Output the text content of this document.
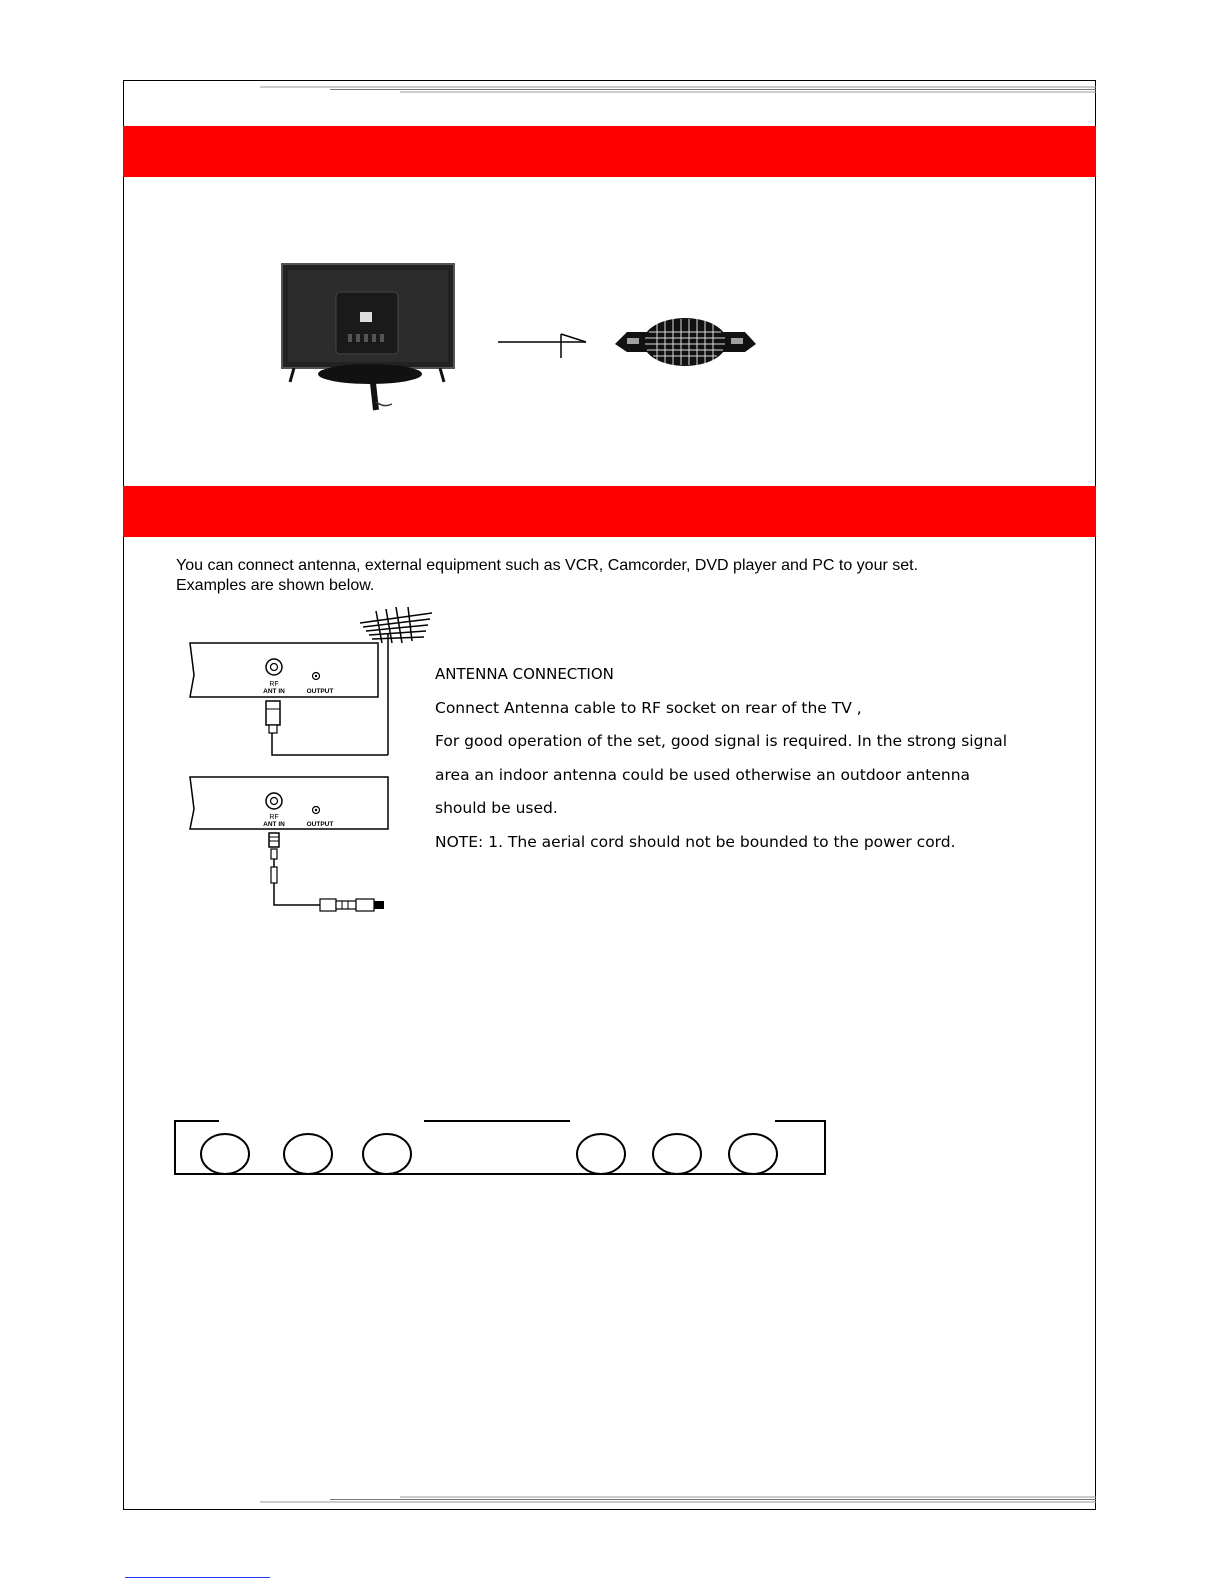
You can connect antenna, external equipment such as VCR, Camcorder, DVD player and PC to your set.
Examples are shown below.
RF
ANT IN	OUTPUT
RF
ANT IN	OUTPUT
ANTENNA CONNECTION
Connect Antenna cable to RF socket on rear of the TV ,
For good operation of the set, good signal is required. In the strong signal
area an indoor antenna could be used otherwise an outdoor antenna
should be used.
NOTE: 1. The aerial cord should not be bounded to the power cord.
